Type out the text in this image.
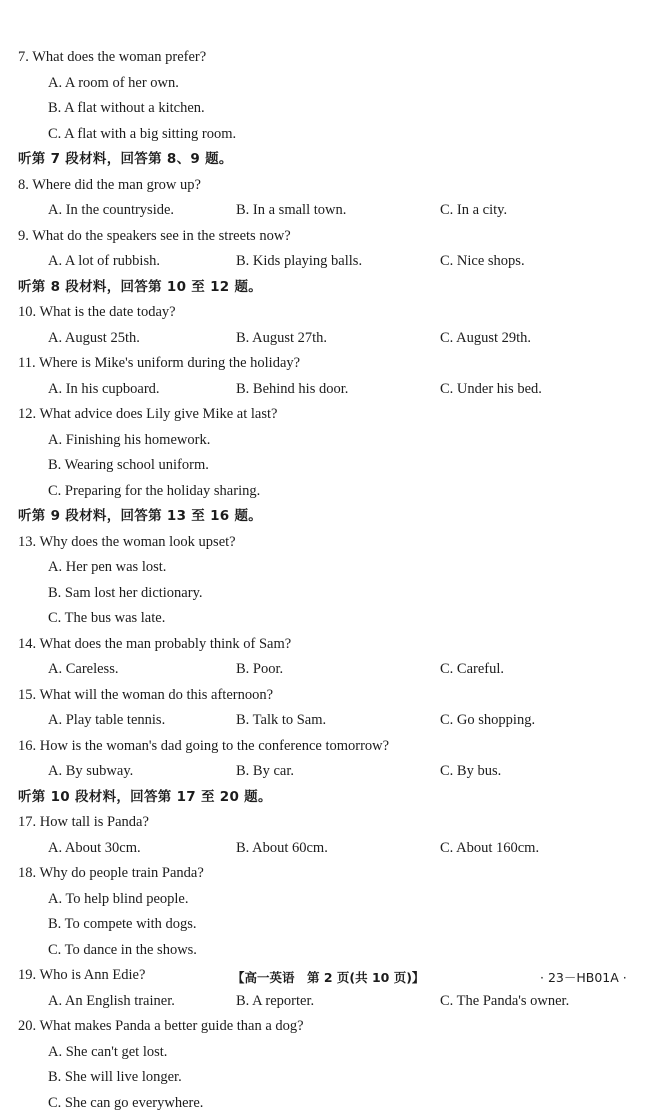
7. What does the woman prefer?
A. A room of her own.
B. A flat without a kitchen.
C. A flat with a big sitting room.
听第 7 段材料，回答第 8、9 题。
8. Where did the man grow up?
A. In the countryside.	B. In a small town.	C. In a city.
9. What do the speakers see in the streets now?
A. A lot of rubbish.	B. Kids playing balls.	C. Nice shops.
听第 8 段材料，回答第 10 至 12 题。
10. What is the date today?
A. August 25th.	B. August 27th.	C. August 29th.
11. Where is Mike's uniform during the holiday?
A. In his cupboard.	B. Behind his door.	C. Under his bed.
12. What advice does Lily give Mike at last?
A. Finishing his homework.
B. Wearing school uniform.
C. Preparing for the holiday sharing.
听第 9 段材料，回答第 13 至 16 题。
13. Why does the woman look upset?
A. Her pen was lost.
B. Sam lost her dictionary.
C. The bus was late.
14. What does the man probably think of Sam?
A. Careless.	B. Poor.	C. Careful.
15. What will the woman do this afternoon?
A. Play table tennis.	B. Talk to Sam.	C. Go shopping.
16. How is the woman's dad going to the conference tomorrow?
A. By subway.	B. By car.	C. By bus.
听第 10 段材料，回答第 17 至 20 题。
17. How tall is Panda?
A. About 30cm.	B. About 60cm.	C. About 160cm.
18. Why do people train Panda?
A. To help blind people.
B. To compete with dogs.
C. To dance in the shows.
19. Who is Ann Edie?
A. An English trainer.	B. A reporter.	C. The Panda's owner.
20. What makes Panda a better guide than a dog?
A. She can't get lost.
B. She will live longer.
C. She can go everywhere.
【高一英语　第 2 页(共 10 页)】	· 23－HB01A ·
